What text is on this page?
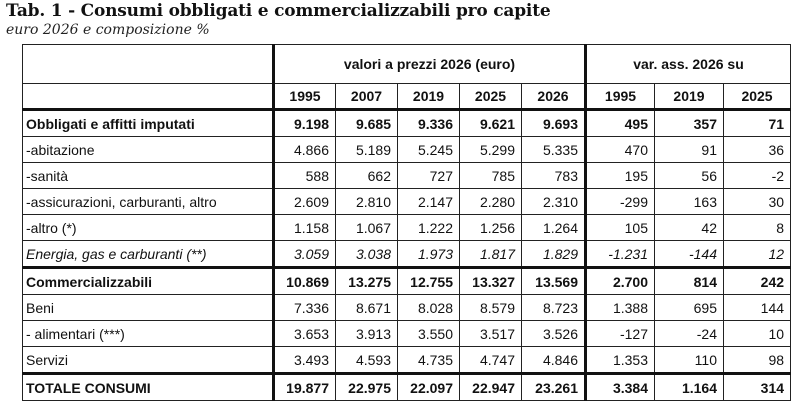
Tab. 1 - Consumi obbligati e commercializzabili pro capite
euro 2026 e composizione %
	valori a prezzi 2026 (euro)					var. ass. 2026 su		
	1995	2007	2019	2025	2026	1995	2019	2025
Obbligati e affitti imputati	9.198	9.685	9.336	9.621	9.693	495	357	71
-abitazione	4.866	5.189	5.245	5.299	5.335	470	91	36
-sanità	588	662	727	785	783	195	56	-2
-assicurazioni, carburanti, altro	2.609	2.810	2.147	2.280	2.310	-299	163	30
-altro (*)	1.158	1.067	1.222	1.256	1.264	105	42	8
Energia, gas e carburanti (**)	3.059	3.038	1.973	1.817	1.829	-1.231	-144	12
Commercializzabili	10.869	13.275	12.755	13.327	13.569	2.700	814	242
Beni	7.336	8.671	8.028	8.579	8.723	1.388	695	144
- alimentari (***)	3.653	3.913	3.550	3.517	3.526	-127	-24	10
Servizi	3.493	4.593	4.735	4.747	4.846	1.353	110	98
TOTALE CONSUMI	19.877	22.975	22.097	22.947	23.261	3.384	1.164	314
